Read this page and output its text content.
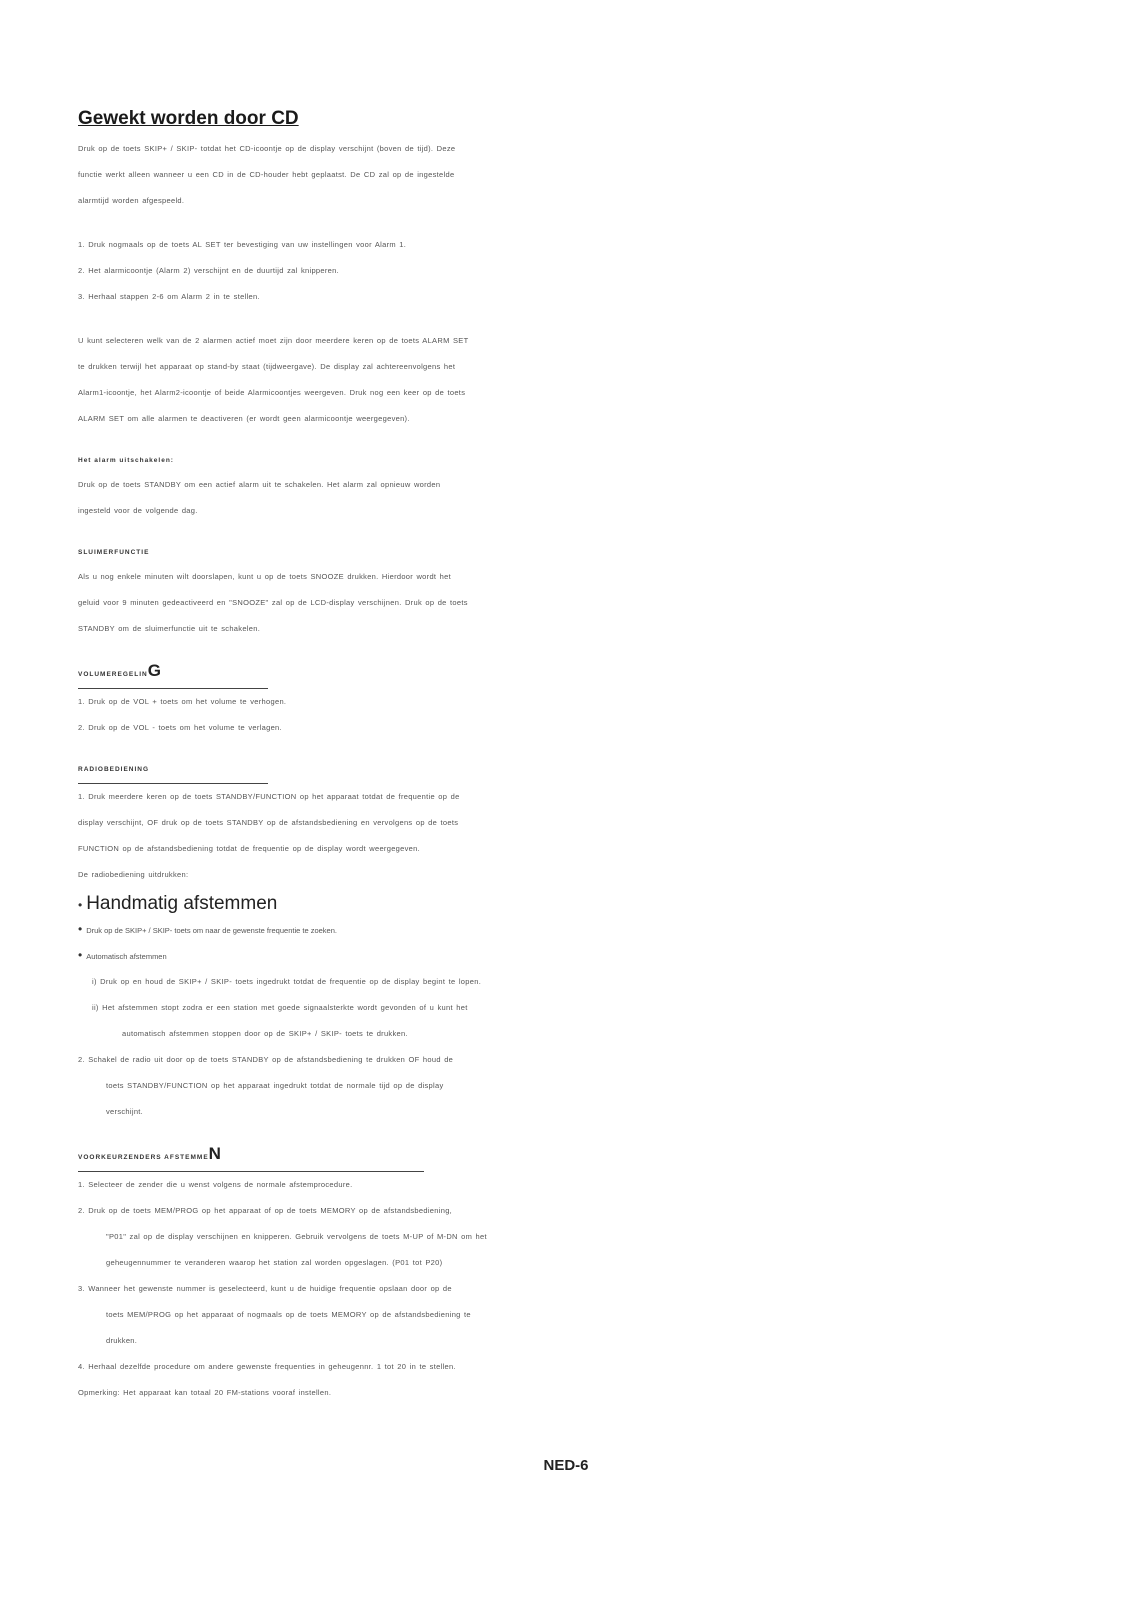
Gewekt worden door CD

Druk op de toets SKIP+ / SKIP- totdat het CD-icoontje op de display verschijnt (boven de tijd). Deze

functie werkt alleen wanneer u een CD in de CD-houder hebt geplaatst. De CD zal op de ingestelde

alarmtijd worden afgespeeld.

1. Druk nogmaals op de toets AL SET ter bevestiging van uw instellingen voor Alarm 1.

2. Het alarmicoontje (Alarm 2) verschijnt en de duurtijd zal knipperen.

3. Herhaal stappen 2-6 om Alarm 2 in te stellen.

U kunt selecteren welk van de 2 alarmen actief moet zijn door meerdere keren op de toets ALARM SET

te drukken terwijl het apparaat op stand-by staat (tijdweergave). De display zal achtereenvolgens het

Alarm1-icoontje, het Alarm2-icoontje of beide Alarmicoontjes weergeven. Druk nog een keer op de toets

ALARM SET om alle alarmen te deactiveren (er wordt geen alarmicoontje weergegeven).

Het alarm uitschakelen:

Druk op de toets STANDBY om een actief alarm uit te schakelen. Het alarm zal opnieuw worden

ingesteld voor de volgende dag.

SLUIMERFUNCTIE

Als u nog enkele minuten wilt doorslapen, kunt u op de toets SNOOZE drukken. Hierdoor wordt het

geluid voor 9 minuten gedeactiveerd en "SNOOZE" zal op de LCD-display verschijnen. Druk op de toets

STANDBY om de sluimerfunctie uit te schakelen.

VOLUMEREGELING

1. Druk op de VOL + toets om het volume te verhogen.

2. Druk op de VOL - toets om het volume te verlagen.

RADIOBEDIENING

1. Druk meerdere keren op de toets STANDBY/FUNCTION op het apparaat totdat de frequentie op de

display verschijnt, OF druk op de toets STANDBY op de afstandsbediening en vervolgens op de toets

FUNCTION op de afstandsbediening totdat de frequentie op de display wordt weergegeven.

De radiobediening uitdrukken:

• Handmatig afstemmen

• Druk op de SKIP+ / SKIP- toets om naar de gewenste frequentie te zoeken.

• Automatisch afstemmen

i) Druk op en houd de SKIP+ / SKIP- toets ingedrukt totdat de frequentie op de display begint te lopen.

ii) Het afstemmen stopt zodra er een station met goede signaalsterkte wordt gevonden of u kunt het

automatisch afstemmen stoppen door op de SKIP+ / SKIP- toets te drukken.

2. Schakel de radio uit door op de toets STANDBY op de afstandsbediening te drukken OF houd de

toets STANDBY/FUNCTION op het apparaat ingedrukt totdat de normale tijd op de display

verschijnt.

VOORKEURZENDERS AFSTEMMEN

1. Selecteer de zender die u wenst volgens de normale afstemprocedure.

2. Druk op de toets MEM/PROG op het apparaat of op de toets MEMORY op de afstandsbediening,

"P01" zal op de display verschijnen en knipperen. Gebruik vervolgens de toets M-UP of M-DN om het

geheugennummer te veranderen waarop het station zal worden opgeslagen. (P01 tot P20)

3. Wanneer het gewenste nummer is geselecteerd, kunt u de huidige frequentie opslaan door op de

toets MEM/PROG op het apparaat of nogmaals op de toets MEMORY op de afstandsbediening te

drukken.

4. Herhaal dezelfde procedure om andere gewenste frequenties in geheugennr. 1 tot 20 in te stellen.

Opmerking: Het apparaat kan totaal 20 FM-stations vooraf instellen.

NED-6
